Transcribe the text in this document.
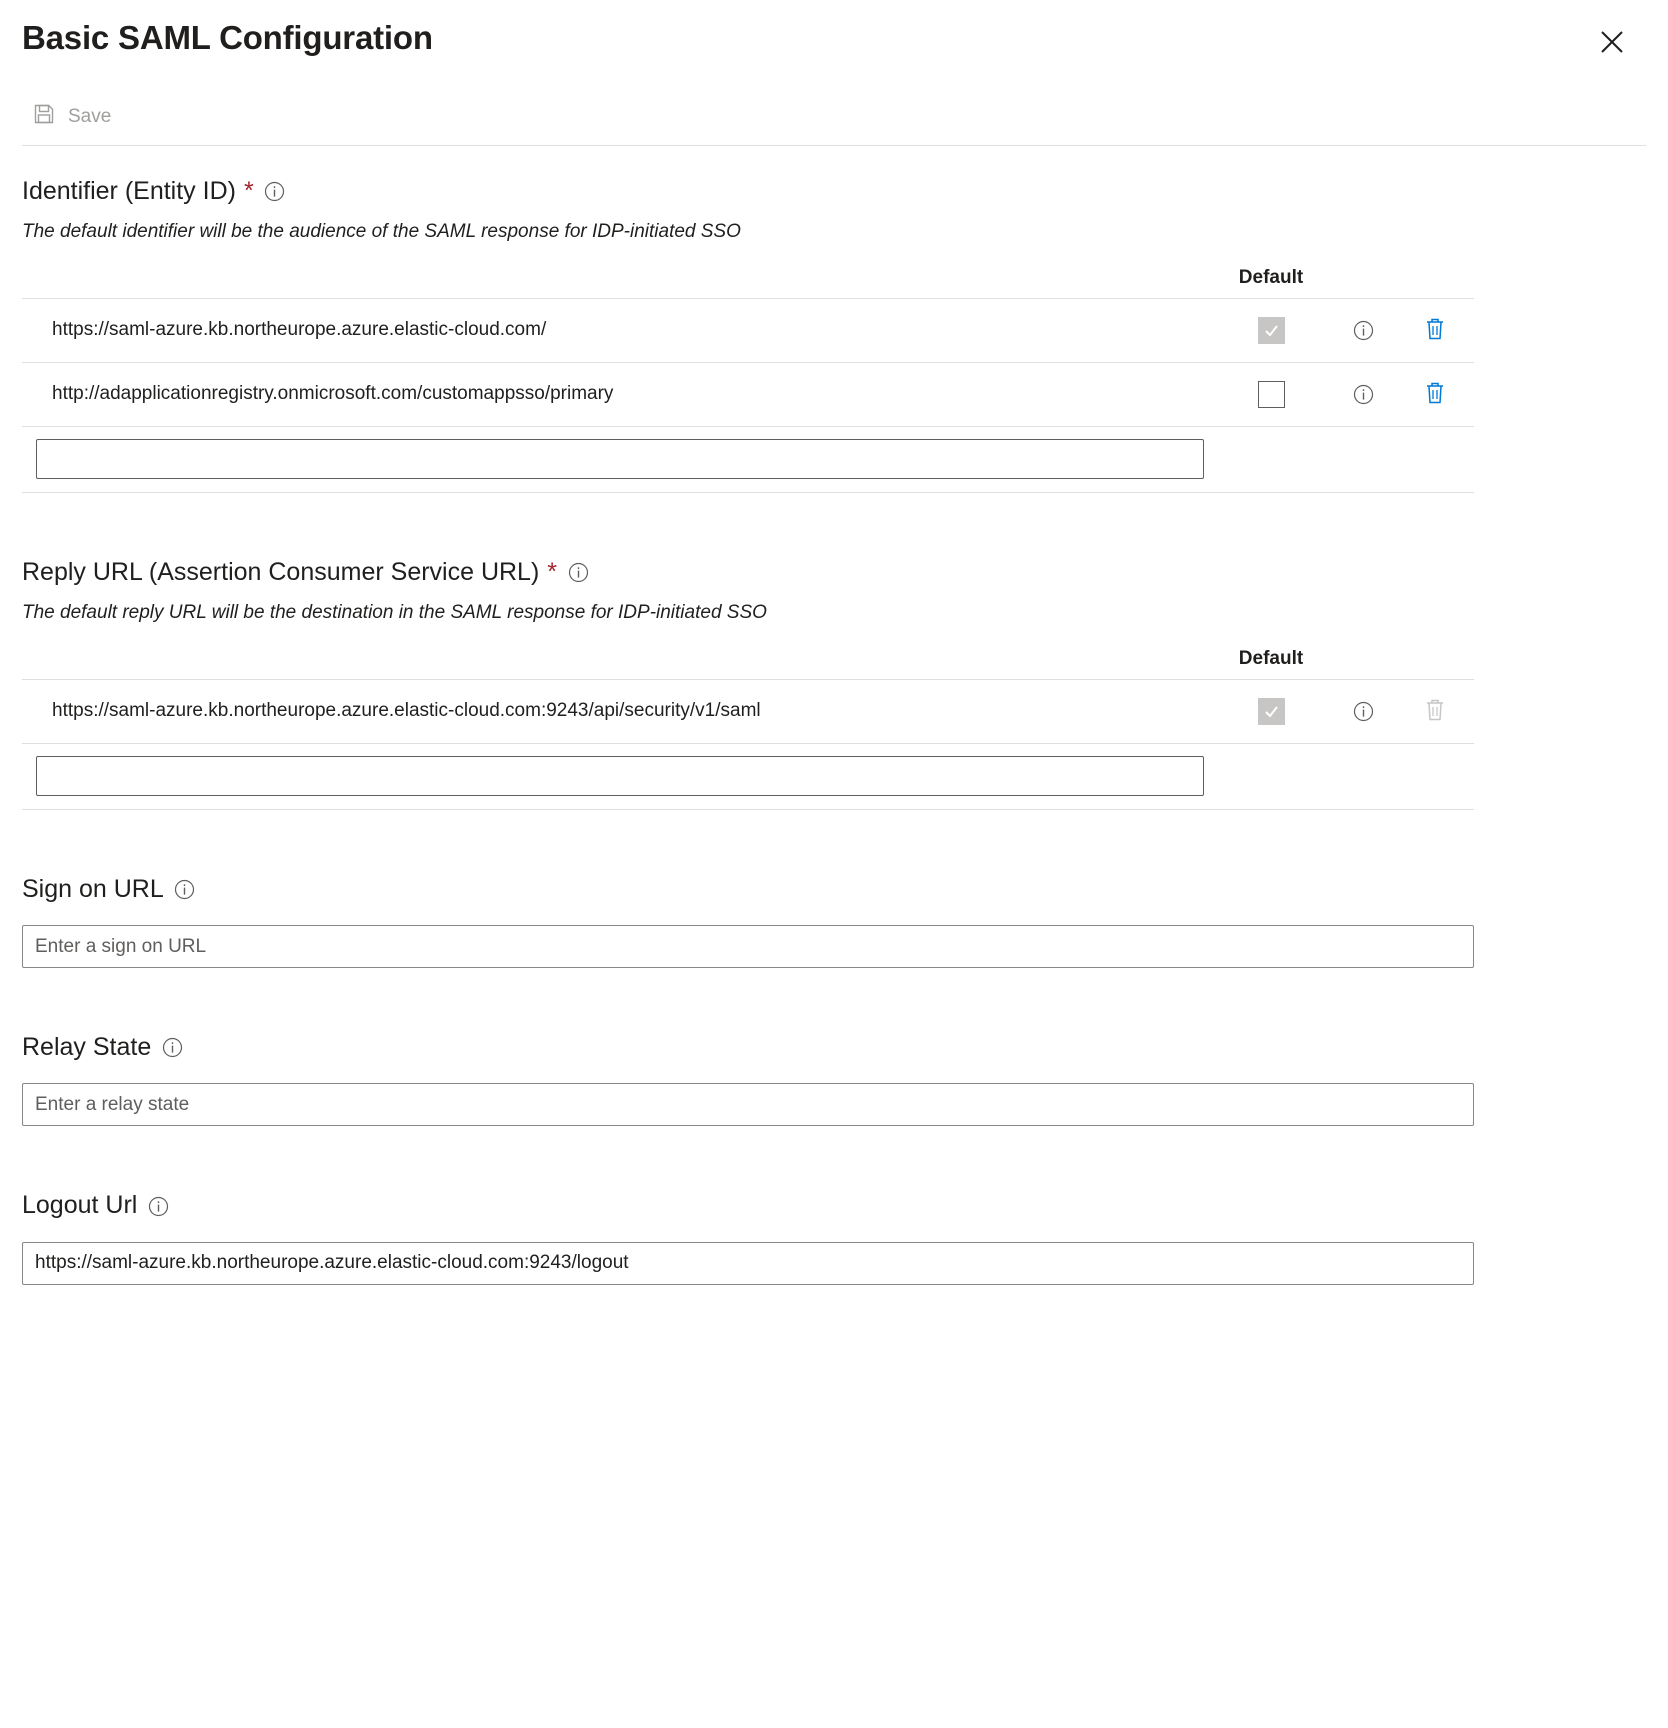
Basic SAML Configuration
Save
Identifier (Entity ID) *
The default identifier will be the audience of the SAML response for IDP-initiated SSO
Default
https://saml-azure.kb.northeurope.azure.elastic-cloud.com/
http://adapplicationregistry.onmicrosoft.com/customappsso/primary
Reply URL (Assertion Consumer Service URL) *
The default reply URL will be the destination in the SAML response for IDP-initiated SSO
Default
https://saml-azure.kb.northeurope.azure.elastic-cloud.com:9243/api/security/v1/saml
Sign on URL
Enter a sign on URL
Relay State
Enter a relay state
Logout Url
https://saml-azure.kb.northeurope.azure.elastic-cloud.com:9243/logout
